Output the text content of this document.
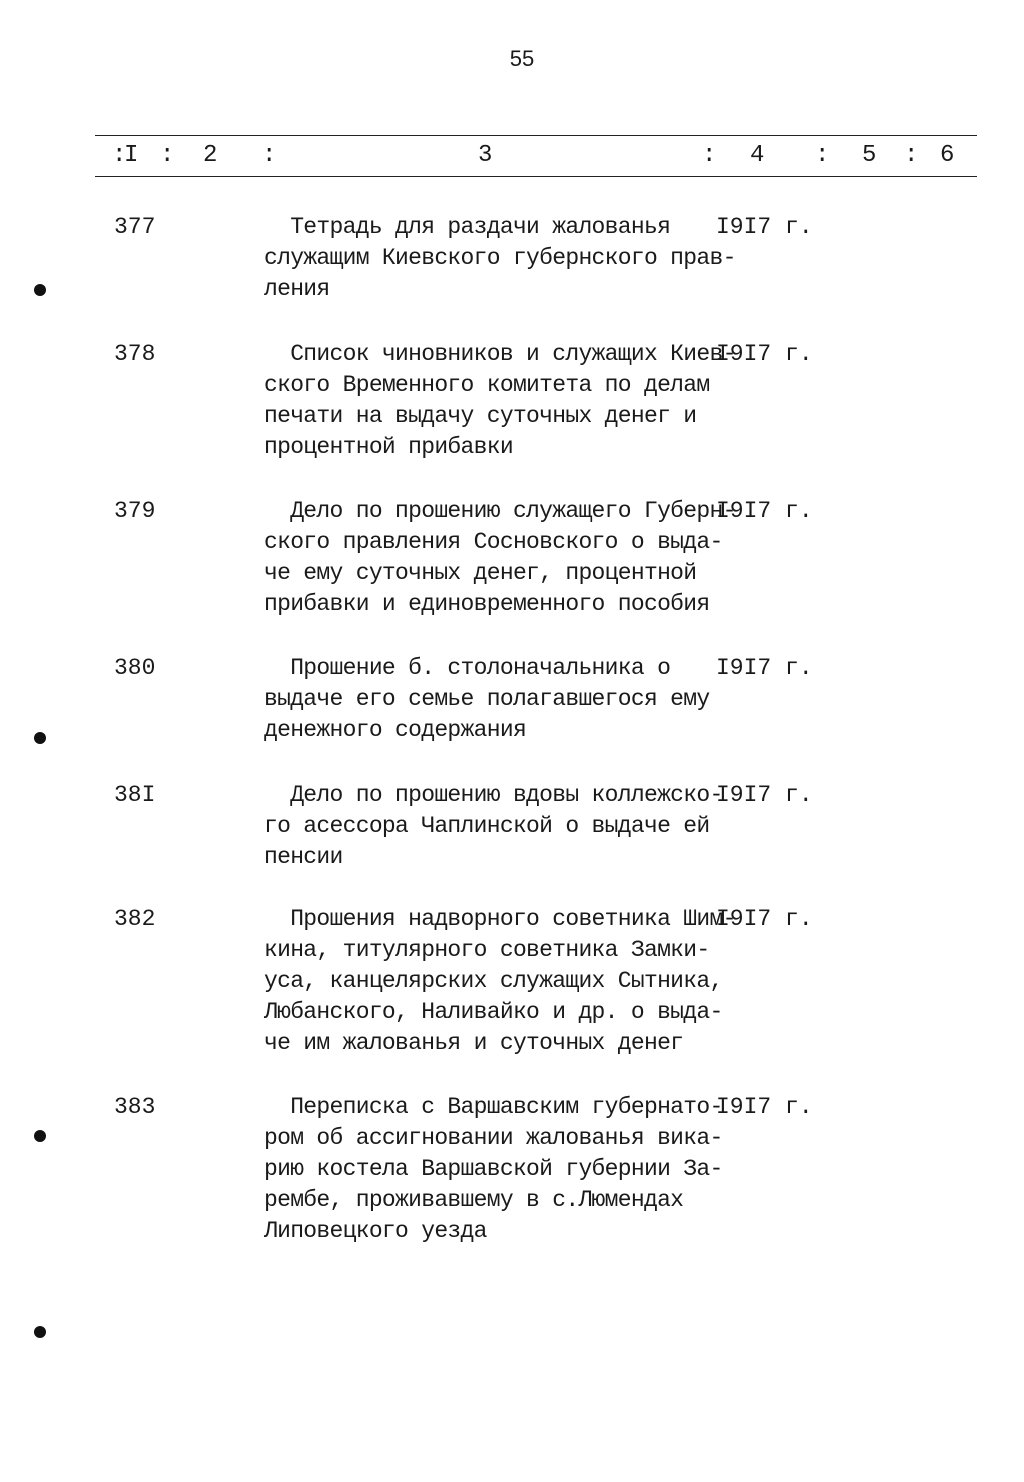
55
:
I : 2 :	3	: 4 : 5 : 6
377	Тетрадь для раздачи жалованья
служащим Киевского губернского прав-
ления
I9I7 г.
378	Список чиновников и служащих Киев-
ского Временного комитета по делам
печати на выдачу суточных денег и
процентной прибавки
I9I7 г.
379	Дело по прошению служащего Губерн-
ского правления Сосновского о выда-
че ему суточных денег, процентной
прибавки и единовременного пособия
I9I7 г.
380	Прошение б. столоначальника о
выдаче его семье полагавшегося ему
денежного содержания
I9I7 г.
38I	Дело по прошению вдовы коллежско-
го асессора Чаплинской о выдаче ей
пенсии
I9I7 г.
382	Прошения надворного советника Шим-
кина, титулярного советника Замки-
уса, канцелярских служащих Сытника,
Любанского, Наливайко и др. о выда-
че им жалованья и суточных денег
I9I7 г.
383	Переписка с Варшавским губернато-
ром об ассигновании жалованья вика-
рию костела Варшавской губернии За-
рембе, проживавшему в с.Люмендах
Липовецкого уезда
I9I7 г.
